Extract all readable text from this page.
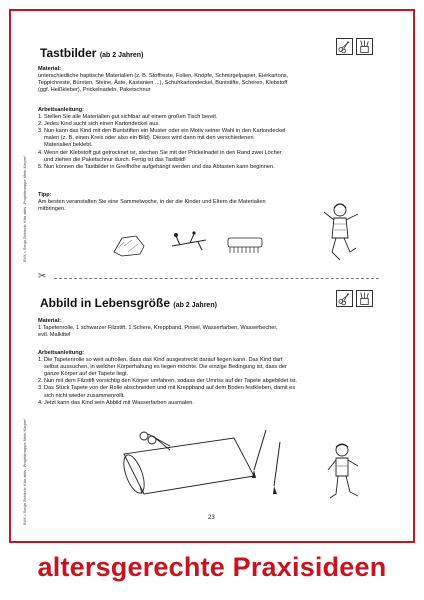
BVK • Sonja Zebisch: Kita aktiv „Projektmappe Mein Körper“
BVK • Sonja Zebisch: Kita aktiv „Projektmappe Mein Körper“
Tastbilder (ab 2 Jahren)
Material:
unterschiedliche haptische Materialien (z. B. Stoffreste, Folien, Knöpfe, Schmirgelpapier, Eierkartons,
Teppichreste, Bürsten, Steine, Äste, Kastanien ...), Schuhkartondeckel, Buntstifte, Scheren, Klebstoff
(ggf. Heißkleber), Prickelnadeln, Paketschnur
Arbeitsanleitung:
1. Stellen Sie alle Materialien gut sichtbar auf einem großen Tisch bereit.
2. Jedes Kind sucht sich einen Kartondeckel aus.
3. Nun kann das Kind mit den Buntstiften ein Muster oder ein Motiv seiner Wahl in den Kartondeckel
malen (z. B. einen Kreis oder also ein Bild). Dieses wird dann mit den verschiedenen
Materialien beklebt.
4. Wenn der Klebstoff gut getrocknet ist, stechen Sie mit der Prickelnadel in den Rand zwei Löcher
und ziehen die Paketschnur durch. Fertig ist das Tastbild!
5. Nun können die Tastbilder in Greifhöhe aufgehängt werden und das Abtasten kann beginnen.
Tipp:
Am besten veranstalten Sie eine Sammelwoche, in der die Kinder und Eltern die Materialien
mitbringen.
✂
Abbild in Lebensgröße (ab 2 Jahren)
Material:
1 Tapetenrolle, 1 schwarzer Filzstift, 1 Schere, Kreppband, Pinsel, Wasserfarben, Wasserbecher,
evtl. Malkittel
Arbeitsanleitung:
1. Die Tapetenrolle so weit aufrollen, dass das Kind ausgestreckt darauf liegen kann. Das Kind darf
selbst aussuchen, in welcher Körperhaltung es liegen möchte. Die einzige Bedingung ist, dass der
ganze Körper auf der Tapete liegt.
2. Nun mit dem Filzstift vorsichtig den Körper umfahren, sodass der Umriss auf der Tapete abgebildet ist.
3. Das Stück Tapete von der Rolle abschneiden und mit Kreppband auf dem Boden festkleben, damit es
sich nicht wieder zusammenrollt.
4. Jetzt kann das Kind sein Abbild mit Wasserfarben ausmalen.
23
altersgerechte Praxisideen
